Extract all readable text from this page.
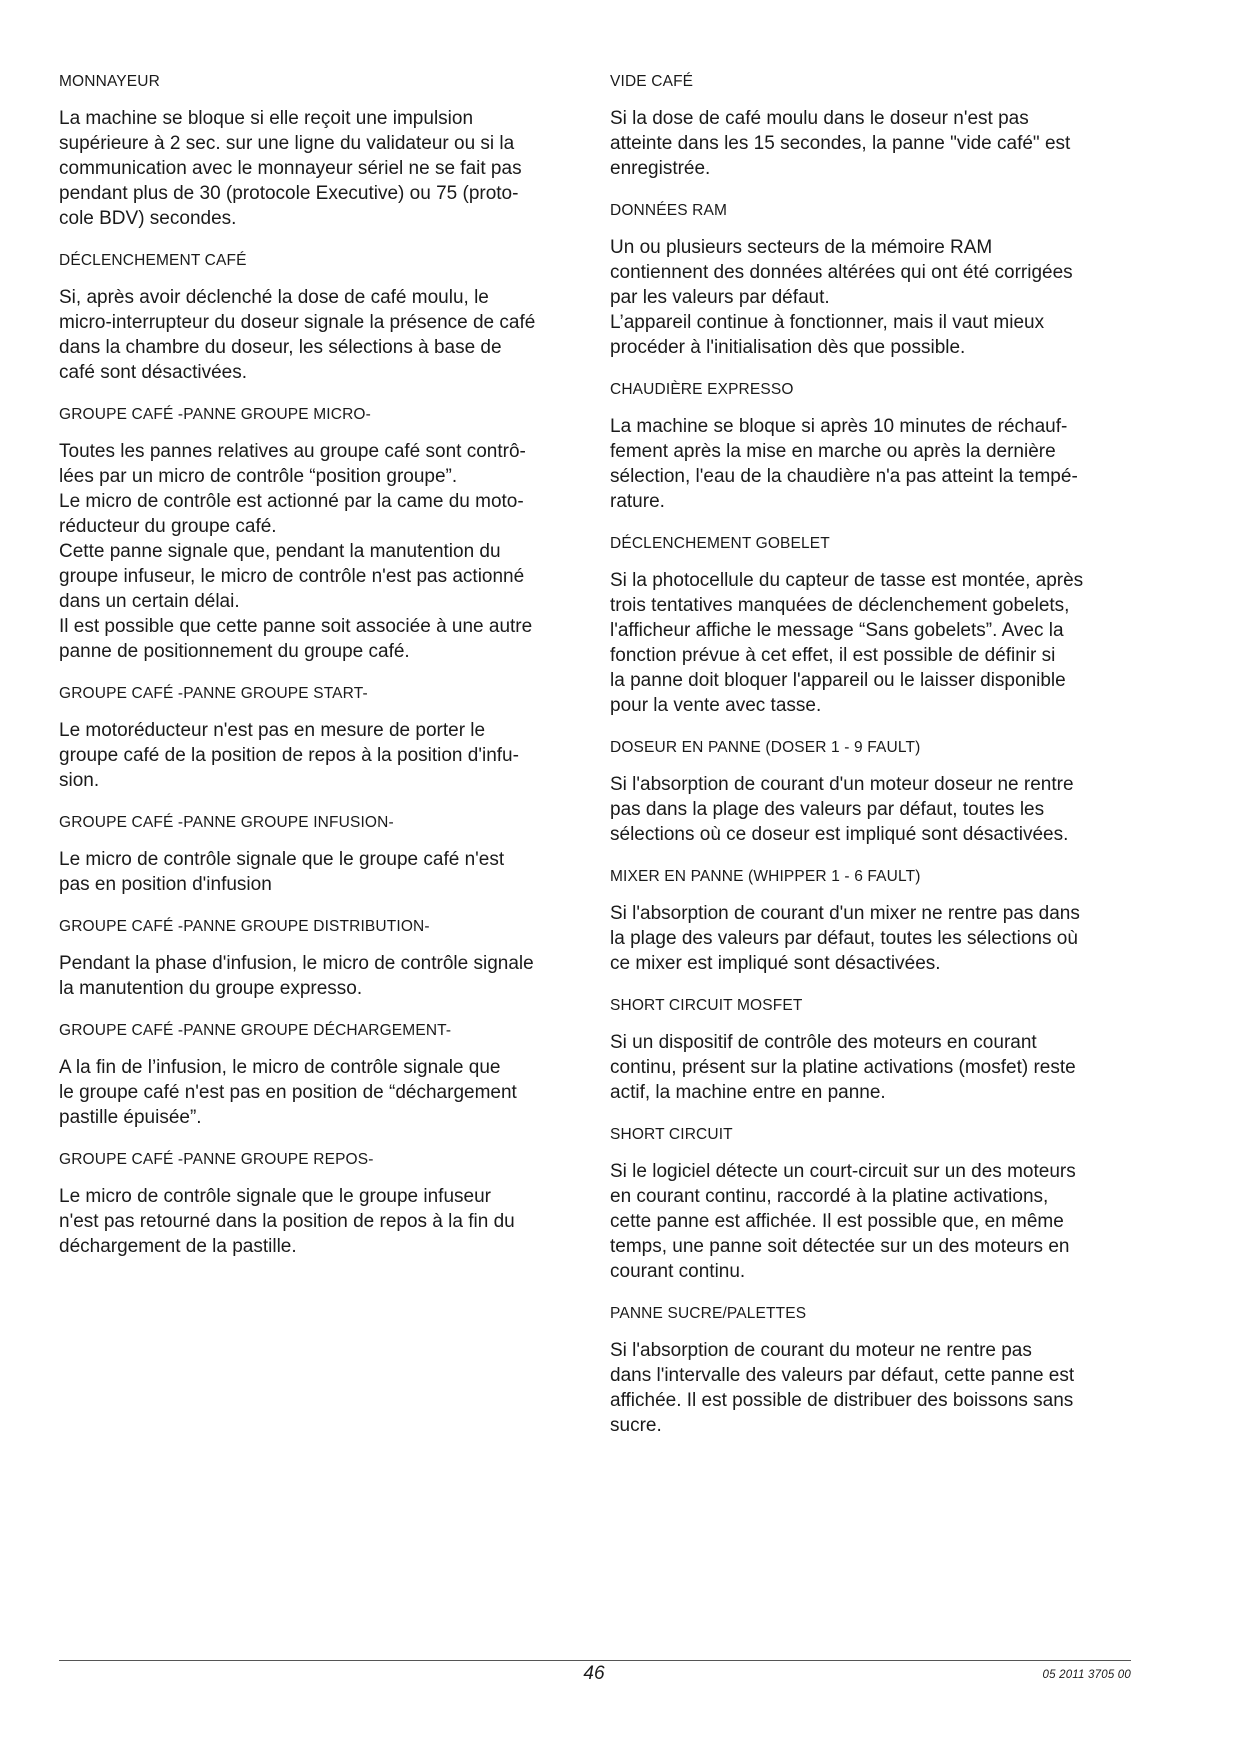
MONNAYEUR

La machine se bloque si elle reçoit une impulsion
supérieure à 2 sec. sur une ligne du validateur ou si la
communication avec le monnayeur sériel ne se fait pas
pendant plus de 30 (protocole Executive) ou 75 (proto-
cole BDV) secondes.

DÉCLENCHEMENT CAFÉ

Si, après avoir déclenché la dose de café moulu, le
micro-interrupteur du doseur signale la présence de café
dans la chambre du doseur, les sélections à base de
café sont désactivées.

GROUPE CAFÉ -PANNE GROUPE MICRO-

Toutes les pannes relatives au groupe café sont contrô-
lées par un micro de contrôle “position groupe”.
Le micro de contrôle est actionné par la came du moto-
réducteur du groupe café.
Cette panne signale que, pendant la manutention du
groupe infuseur, le micro de contrôle n'est pas actionné
dans un certain délai.
Il est possible que cette panne soit associée à une autre
panne de positionnement du groupe café.

GROUPE CAFÉ -PANNE GROUPE START-

Le motoréducteur n'est pas en mesure de porter le
groupe café de la position de repos à la position d'infu-
sion.

GROUPE CAFÉ -PANNE GROUPE INFUSION-

Le micro de contrôle signale que le groupe café n'est
pas en position d'infusion

GROUPE CAFÉ -PANNE GROUPE DISTRIBUTION-

Pendant la phase d'infusion, le micro de contrôle signale
la manutention du groupe expresso.

GROUPE CAFÉ -PANNE GROUPE DÉCHARGEMENT-

A la fin de l’infusion, le micro de contrôle signale que
le groupe café n'est pas en position de “déchargement
pastille épuisée”.

GROUPE CAFÉ -PANNE GROUPE REPOS-

Le micro de contrôle signale que le groupe infuseur
n'est pas retourné dans la position de repos à la fin du
déchargement de la pastille.

VIDE CAFÉ

Si la dose de café moulu dans le doseur n'est pas
atteinte dans les 15 secondes, la panne "vide café" est
enregistrée.

DONNÉES RAM

Un ou plusieurs secteurs de la mémoire RAM
contiennent des données altérées qui ont été corrigées
par les valeurs par défaut.
L’appareil continue à fonctionner, mais il vaut mieux
procéder à l'initialisation dès que possible.

CHAUDIÈRE EXPRESSO

La machine se bloque si après 10 minutes de réchauf-
fement après la mise en marche ou après la dernière
sélection, l'eau de la chaudière n'a pas atteint la tempé-
rature.

DÉCLENCHEMENT GOBELET

Si la photocellule du capteur de tasse est montée, après
trois tentatives manquées de déclenchement gobelets,
l'afficheur affiche le message “Sans gobelets”. Avec la
fonction prévue à cet effet, il est possible de définir si
la panne doit bloquer l'appareil ou le laisser disponible
pour la vente avec tasse.

DOSEUR EN PANNE (DOSER 1 - 9 FAULT)

Si l'absorption de courant d'un moteur doseur ne rentre
pas dans la plage des valeurs par défaut, toutes les
sélections où ce doseur est impliqué sont désactivées.

MIXER EN PANNE (WHIPPER 1 - 6 FAULT)

Si l'absorption de courant d'un mixer ne rentre pas dans
la plage des valeurs par défaut, toutes les sélections où
ce mixer est impliqué sont désactivées.

SHORT CIRCUIT MOSFET

Si un dispositif de contrôle des moteurs en courant
continu, présent sur la platine activations (mosfet) reste
actif, la machine entre en panne.

SHORT CIRCUIT

Si le logiciel détecte un court-circuit sur un des moteurs
en courant continu, raccordé à la platine activations,
cette panne est affichée. Il est possible que, en même
temps, une panne soit détectée sur un des moteurs en
courant continu.

PANNE SUCRE/PALETTES

Si l'absorption de courant du moteur ne rentre pas
dans l'intervalle des valeurs par défaut, cette panne est
affichée. Il est possible de distribuer des boissons sans
sucre.

46	05 2011 3705 00
